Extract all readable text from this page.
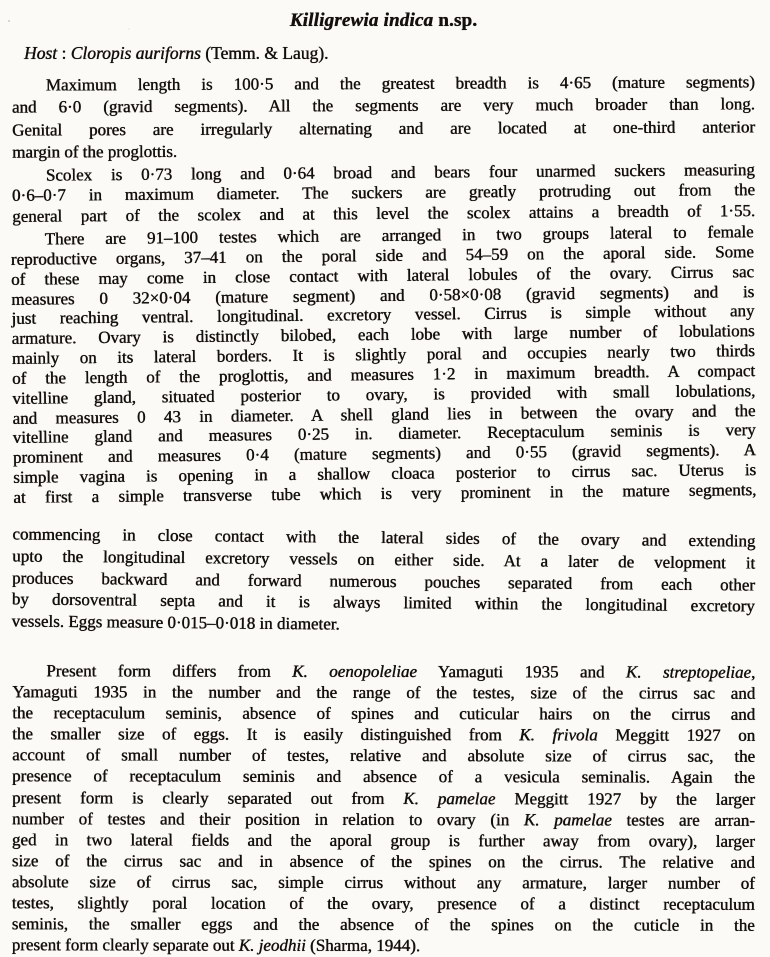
Killigrewia indica n.sp.
Host : Cloropis auriforns (Temm. & Laug).
Maximum length is 100·5 and the greatest breadth is 4·65 (mature segments)
and 6·0 (gravid segments). All the segments are very much broader than long.
Genital pores are irregularly alternating and are located at one-third anterior
margin of the proglottis.
Scolex is 0·73 long and 0·64 broad and bears four unarmed suckers measuring
0·6–0·7 in maximum diameter. The suckers are greatly protruding out from the
general part of the scolex and at this level the scolex attains a breadth of 1·55.
There are 91–100 testes which are arranged in two groups lateral to female
reproductive organs, 37–41 on the poral side and 54–59 on the aporal side. Some
of these may come in close contact with lateral lobules of the ovary. Cirrus sac
measures 0 32×0·04 (mature segment) and 0·58×0·08 (gravid segments) and is
just reaching ventral. longitudinal. excretory vessel. Cirrus is simple without any
armature. Ovary is distinctly bilobed, each lobe with large number of lobulations
mainly on its lateral borders. It is slightly poral and occupies nearly two thirds
of the length of the proglottis, and measures 1·2 in maximum breadth. A compact
vitelline gland, situated posterior to ovary, is provided with small lobulations,
and measures 0 43 in diameter. A shell gland lies in between the ovary and the
vitelline gland and measures 0·25 in. diameter. Receptaculum seminis is very
prominent and measures 0·4 (mature segments) and 0·55 (gravid segments). A
simple vagina is opening in a shallow cloaca posterior to cirrus sac. Uterus is
at first a simple transverse tube which is very prominent in the mature segments,
commencing in close contact with the lateral sides of the ovary and extending
upto the longitudinal excretory vessels on either side. At a later de velopment it
produces backward and forward numerous pouches separated from each other
by dorsoventral septa and it is always limited within the longitudinal excretory
vessels. Eggs measure 0·015–0·018 in diameter.
Present form differs from K. oenopoleliae Yamaguti 1935 and K. streptopeliae,
Yamaguti 1935 in the number and the range of the testes, size of the cirrus sac and
the receptaculum seminis, absence of spines and cuticular hairs on the cirrus and
the smaller size of eggs. It is easily distinguished from K. frivola Meggitt 1927 on
account of small number of testes, relative and absolute size of cirrus sac, the
presence of receptaculum seminis and absence of a vesicula seminalis. Again the
present form is clearly separated out from K. pamelae Meggitt 1927 by the larger
number of testes and their position in relation to ovary (in K. pamelae testes are arran-
ged in two lateral fields and the aporal group is further away from ovary), larger
size of the cirrus sac and in absence of the spines on the cirrus. The relative and
absolute size of cirrus sac, simple cirrus without any armature, larger number of
testes, slightly poral location of the ovary, presence of a distinct receptaculum
seminis, the smaller eggs and the absence of the spines on the cuticle in the
present form clearly separate out K. jeodhii (Sharma, 1944).
